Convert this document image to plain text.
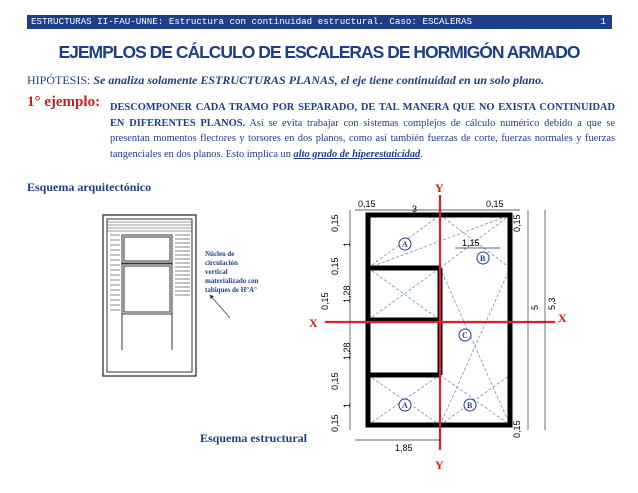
ESTRUCTURAS II-FAU-UNNE: Estructura con continuidad estructural. Caso: ESCALERAS	1
EJEMPLOS DE CÁLCULO DE ESCALERAS DE HORMIGÓN ARMADO
HIPÓTESIS: Se analiza solamente ESTRUCTURAS PLANAS, el eje tiene continuidad en un solo plano.
1° ejemplo: DESCOMPONER CADA TRAMO POR SEPARADO, DE TAL MANERA QUE NO EXISTA CONTINUIDAD EN DIFERENTES PLANOS. Así se evita trabajar con sistemas complejos de cálculo numérico debido a que se presentan momentos flectores y torsores en dos planos, como así también fuerzas de corte, fuerzas normales y fuerzas tangenciales en dos planos. Esto implica un alto grado de hiperestaticidad.
Esquema arquitectónico
Esquema estructural
Núcleo de
circulación
vertical
materializado con
tabiques de H°A°
0,15	3	0,15
1,15
1,85
0,15
1
0,15
1,28
0,15
1,28
0,15
1
0,15
0,15
0,15
5 5,3
Y
Y
X	X
A
B
C
A	B
